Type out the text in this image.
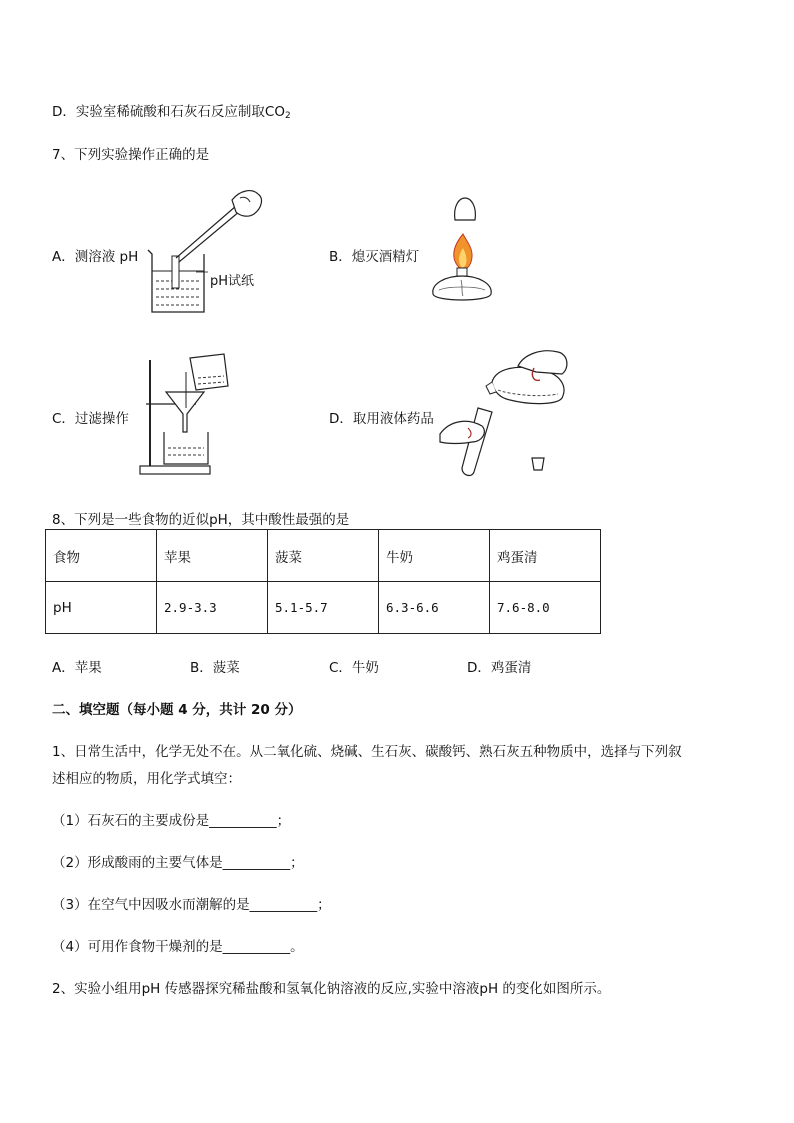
D．实验室稀硫酸和石灰石反应制取$CO_2$
7、下列实验操作正确的是
A．测溶液 pH	B．熄灭酒精灯
C．过滤操作	D．取用液体药品
pH试纸
8、下列是一些食物的近似pH，其中酸性最强的是
食物	苹果	菠菜	牛奶	鸡蛋清
pH	2.9-3.3	5.1-5.7	6.3-6.6	7.6-8.0
A．苹果	B．菠菜	C．牛奶	D．鸡蛋清
二、填空题（每小题 4 分，共计 20 分）
1、日常生活中，化学无处不在。从二氧化硫、烧碱、生石灰、碳酸钙、熟石灰五种物质中，选择与下列叙
述相应的物质，用化学式填空：
（1）石灰石的主要成份是__________；
（2）形成酸雨的主要气体是__________；
（3）在空气中因吸水而潮解的是__________；
（4）可用作食物干燥剂的是__________。
2、实验小组用pH 传感器探究稀盐酸和氢氧化钠溶液的反应,实验中溶液pH 的变化如图所示。
